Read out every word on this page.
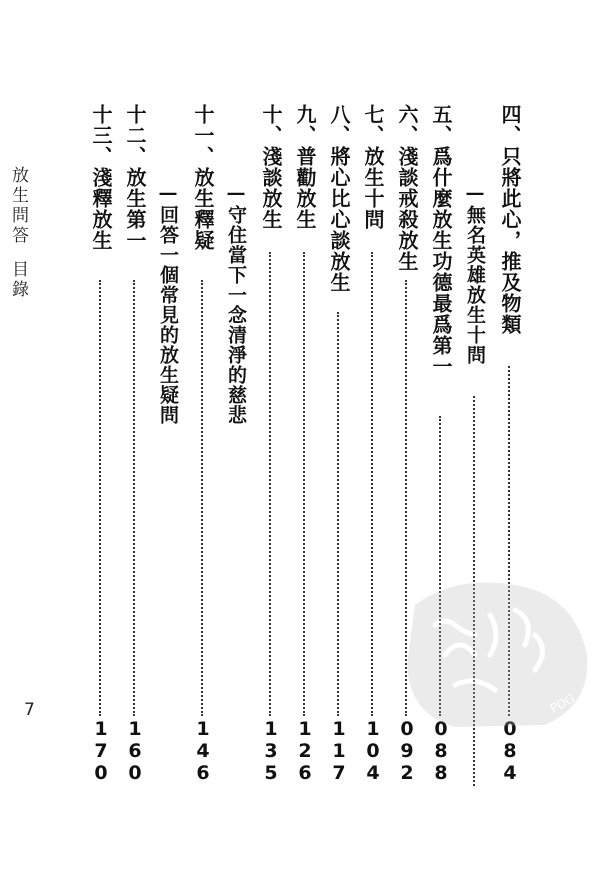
放生問答目錄
7
四、只將此心，推及物類
0
8
4
—無名英雄放生十問
五、爲什麼放生功德最爲第一
0
8
8
六、淺談戒殺放生
0
9
2
七、放生十問
1
0
4
八、將心比心談放生
1
1
7
九、普勸放生
1
2
6
十、淺談放生
1
3
5
—守住當下一念清淨的慈悲
十一、放生釋疑
1
4
6
—回答一個常見的放生疑問
十二、放生第一
1
6
0
十三、淺釋放生
1
7
0
PDG
